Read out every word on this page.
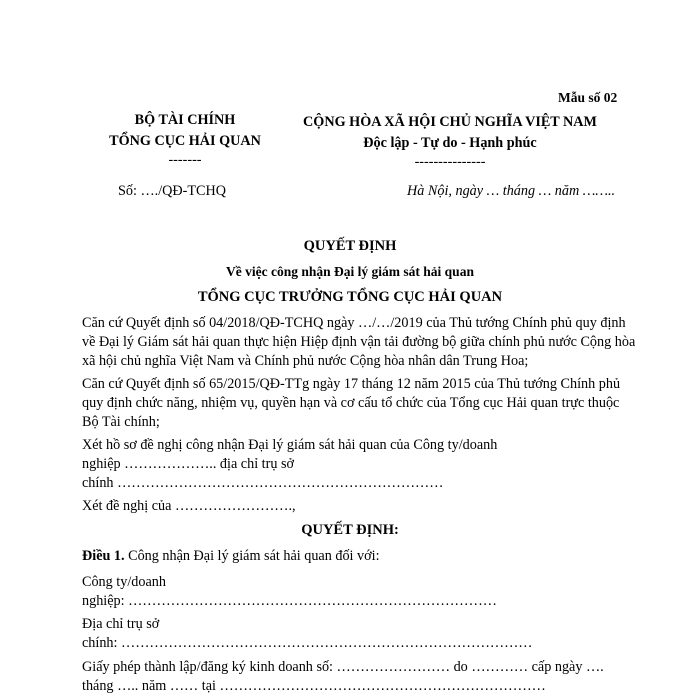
Mẫu số 02
BỘ TÀI CHÍNH
TỔNG CỤC HẢI QUAN
-------
Số: …./QĐ-TCHQ
CỘNG HÒA XÃ HỘI CHỦ NGHĨA VIỆT NAM
Độc lập - Tự do - Hạnh phúc
---------------
Hà Nội, ngày … tháng … năm ……..
QUYẾT ĐỊNH
Về việc công nhận Đại lý giám sát hải quan
TỔNG CỤC TRƯỞNG TỔNG CỤC HẢI QUAN
Căn cứ Quyết định số 04/2018/QĐ-TCHQ ngày …/…/2019 của Thủ tướng Chính phủ quy định
về Đại lý Giám sát hải quan thực hiện Hiệp định vận tải đường bộ giữa chính phủ nước Cộng hòa
xã hội chủ nghĩa Việt Nam và Chính phủ nước Cộng hòa nhân dân Trung Hoa;
Căn cứ Quyết định số 65/2015/QĐ-TTg ngày 17 tháng 12 năm 2015 của Thủ tướng Chính phủ
quy định chức năng, nhiệm vụ, quyền hạn và cơ cấu tổ chức của Tổng cục Hải quan trực thuộc
Bộ Tài chính;
Xét hồ sơ đề nghị công nhận Đại lý giám sát hải quan của Công ty/doanh
nghiệp ……………….. địa chỉ trụ sở
chính ……………………………………………………………
Xét đề nghị của …………………….,
QUYẾT ĐỊNH:
Điều 1. Công nhận Đại lý giám sát hải quan đối với:
Công ty/doanh
nghiệp: ……………………………………………………………………
Địa chỉ trụ sở
chính: ……………………………………………………………………………
Giấy phép thành lập/đăng ký kinh doanh số: …………………… do ………… cấp ngày ….
tháng ….. năm …… tại ……………………………………………………………
